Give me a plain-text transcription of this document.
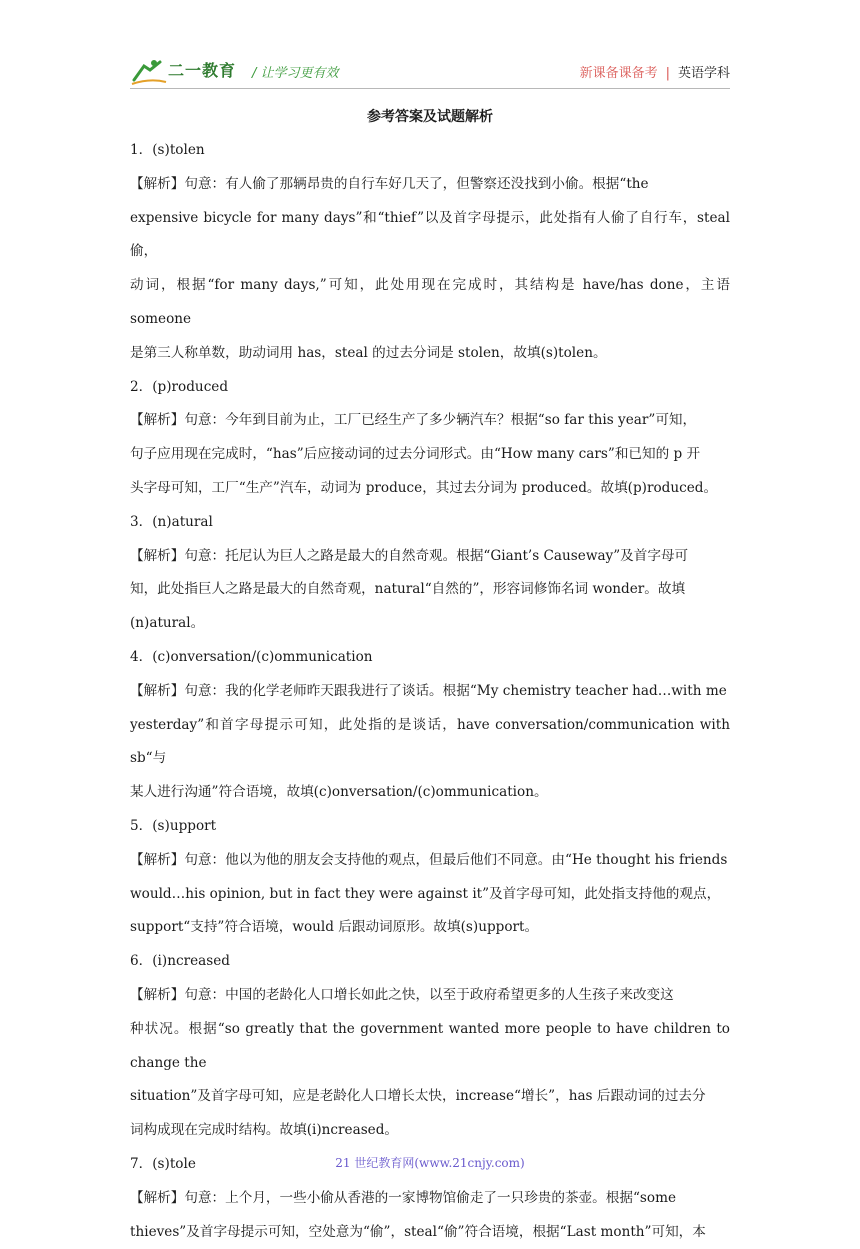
二一教育 / 让学习更有效	新课备课备考 | 英语学科
参考答案及试题解析

1．(s)tolen

【解析】句意：有人偷了那辆昂贵的自行车好几天了，但警察还没找到小偷。根据“the

expensive bicycle for many days”和“thief”以及首字母提示，此处指有人偷了自行车，steal 偷，

动词，根据“for many days,”可知，此处用现在完成时，其结构是 have/has done，主语 someone

是第三人称单数，助动词用 has，steal 的过去分词是 stolen，故填(s)tolen。

2．(p)roduced

【解析】句意：今年到目前为止，工厂已经生产了多少辆汽车？根据“so far this year”可知，

句子应用现在完成时，“has”后应接动词的过去分词形式。由“How many cars”和已知的 p 开

头字母可知，工厂“生产”汽车，动词为 produce，其过去分词为 produced。故填(p)roduced。

3．(n)atural

【解析】句意：托尼认为巨人之路是最大的自然奇观。根据“Giant’s Causeway”及首字母可

知，此处指巨人之路是最大的自然奇观，natural“自然的”，形容词修饰名词 wonder。故填

(n)atural。

4．(c)onversation/(c)ommunication

【解析】句意：我的化学老师昨天跟我进行了谈话。根据“My chemistry teacher had…with me

yesterday”和首字母提示可知，此处指的是谈话，have conversation/communication with sb“与

某人进行沟通”符合语境，故填(c)onversation/(c)ommunication。

5．(s)upport

【解析】句意：他以为他的朋友会支持他的观点，但最后他们不同意。由“He thought his friends

would…his opinion, but in fact they were against it”及首字母可知，此处指支持他的观点，

support“支持”符合语境，would 后跟动词原形。故填(s)upport。

6．(i)ncreased

【解析】句意：中国的老龄化人口增长如此之快，以至于政府希望更多的人生孩子来改变这

种状况。根据“so greatly that the government wanted more people to have children to change the

situation”及首字母可知，应是老龄化人口增长太快，increase“增长”，has 后跟动词的过去分

词构成现在完成时结构。故填(i)ncreased。

7．(s)tole

【解析】句意：上个月，一些小偷从香港的一家博物馆偷走了一只珍贵的茶壶。根据“some

thieves”及首字母提示可知，空处意为“偷”，steal“偷”符合语境，根据“Last month”可知，本

21 世纪教育网(www.21cnjy.com)
